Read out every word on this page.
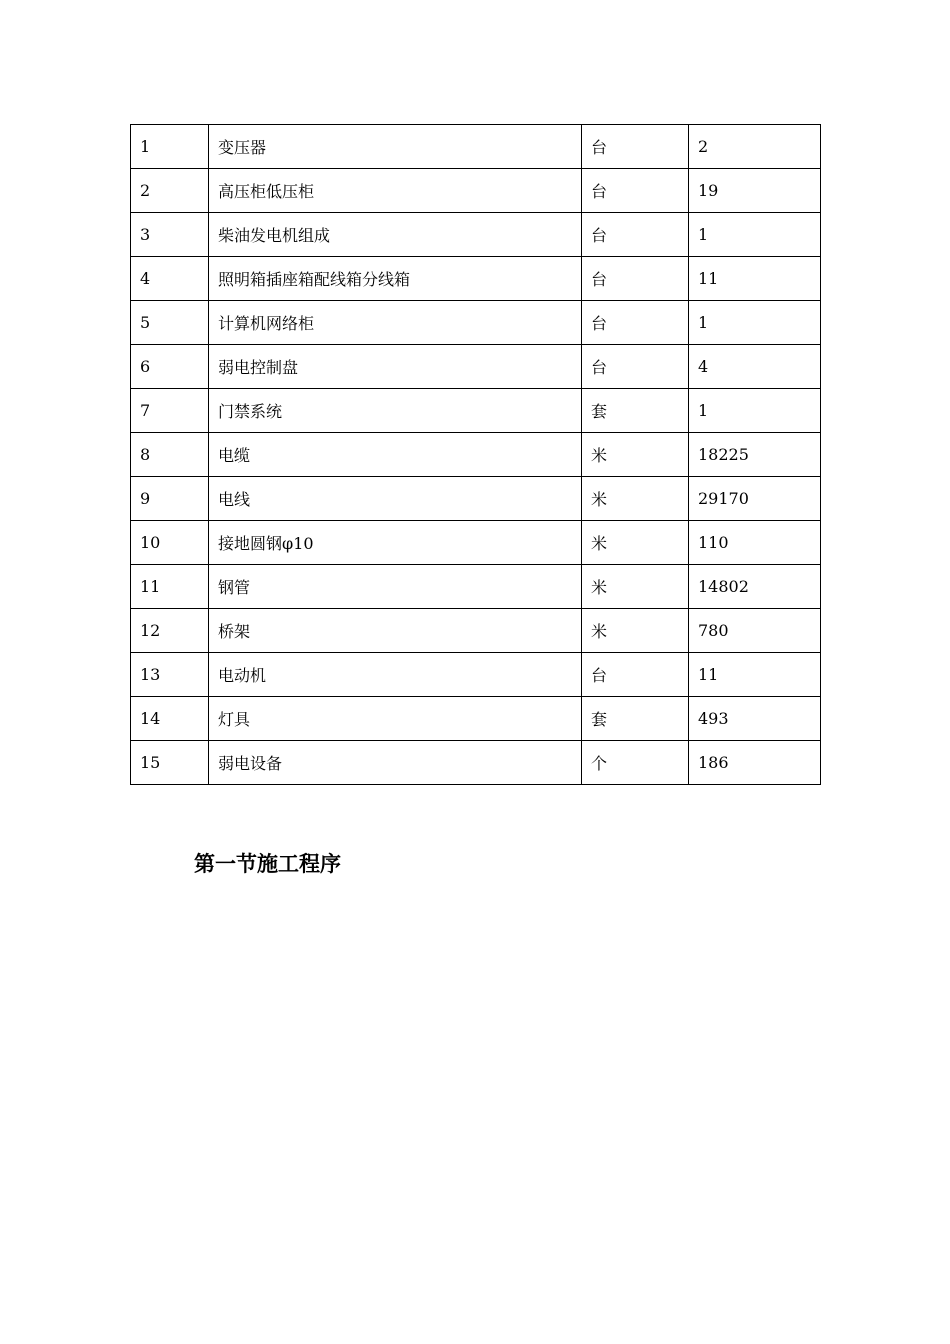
1	变压器	台	2
2	高压柜低压柜	台	19
3	柴油发电机组成	台	1
4	照明箱插座箱配线箱分线箱	台	11
5	计算机网络柜	台	1
6	弱电控制盘	台	4
7	门禁系统	套	1
8	电缆	米	18225
9	电线	米	29170
10	接地圆钢φ10	米	110
11	钢管	米	14802
12	桥架	米	780
13	电动机	台	11
14	灯具	套	493
15	弱电设备	个	186
第一节施工程序
